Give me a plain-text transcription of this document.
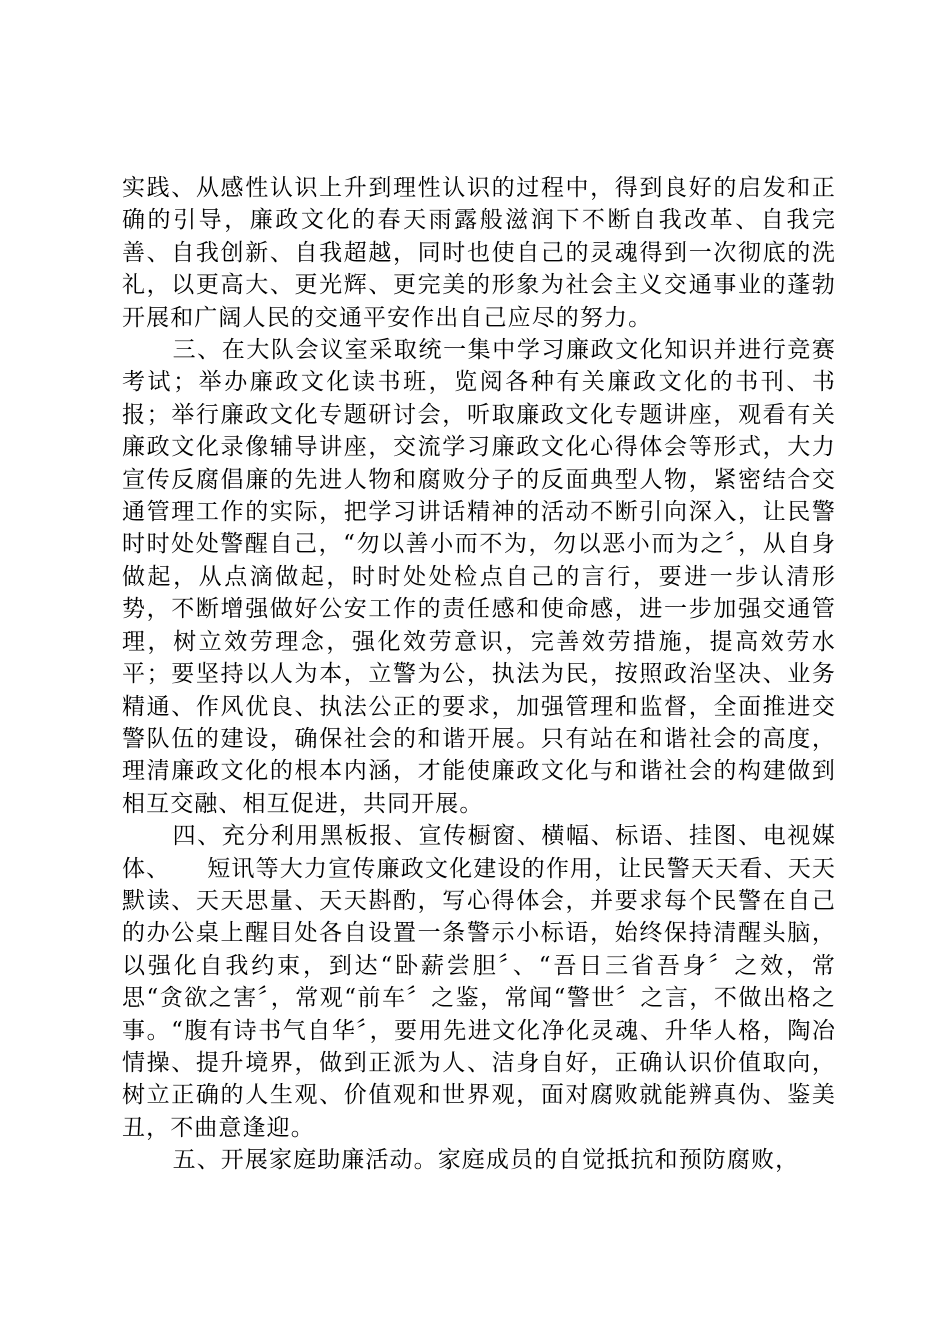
实践、从感性认识上升到理性认识的过程中，得到良好的启发和正确的引导，廉政文化的春天雨露般滋润下不断自我改革、自我完善、自我创新、自我超越，同时也使自己的灵魂得到一次彻底的洗礼，以更高大、更光辉、更完美的形象为社会主义交通事业的蓬勃开展和广阔人民的交通平安作出自己应尽的努力。

三、在大队会议室采取统一集中学习廉政文化知识并进行竞赛考试；举办廉政文化读书班，览阅各种有关廉政文化的书刊、书报；举行廉政文化专题研讨会，听取廉政文化专题讲座，观看有关廉政文化录像辅导讲座，交流学习廉政文化心得体会等形式，大力宣传反腐倡廉的先进人物和腐败分子的反面典型人物，紧密结合交通管理工作的实际，把学习讲话精神的活动不断引向深入，让民警时时处处警醒自己，“勿以善小而不为，勿以恶小而为之〞，从自身做起，从点滴做起，时时处处检点自己的言行，要进一步认清形势，不断增强做好公安工作的责任感和使命感，进一步加强交通管理，树立效劳理念，强化效劳意识，完善效劳措施，提高效劳水平；要坚持以人为本，立警为公，执法为民，按照政治坚决、业务精通、作风优良、执法公正的要求，加强管理和监督，全面推进交警队伍的建设，确保社会的和谐开展。只有站在和谐社会的高度，理清廉政文化的根本内涵，才能使廉政文化与和谐社会的构建做到相互交融、相互促进，共同开展。

四、充分利用黑板报、宣传橱窗、横幅、标语、挂图、电视媒体、　　短讯等大力宣传廉政文化建设的作用，让民警天天看、天天默读、天天思量、天天斟酌，写心得体会，并要求每个民警在自己的办公桌上醒目处各自设置一条警示小标语，始终保持清醒头脑，以强化自我约束，到达“卧薪尝胆〞、“吾日三省吾身〞之效，常思“贪欲之害〞，常观“前车〞之鉴，常闻“警世〞之言，不做出格之事。“腹有诗书气自华〞，要用先进文化净化灵魂、升华人格，陶冶情操、提升境界，做到正派为人、洁身自好，正确认识价值取向，树立正确的人生观、价值观和世界观，面对腐败就能辨真伪、鉴美丑，不曲意逢迎。

五、开展家庭助廉活动。家庭成员的自觉抵抗和预防腐败，
